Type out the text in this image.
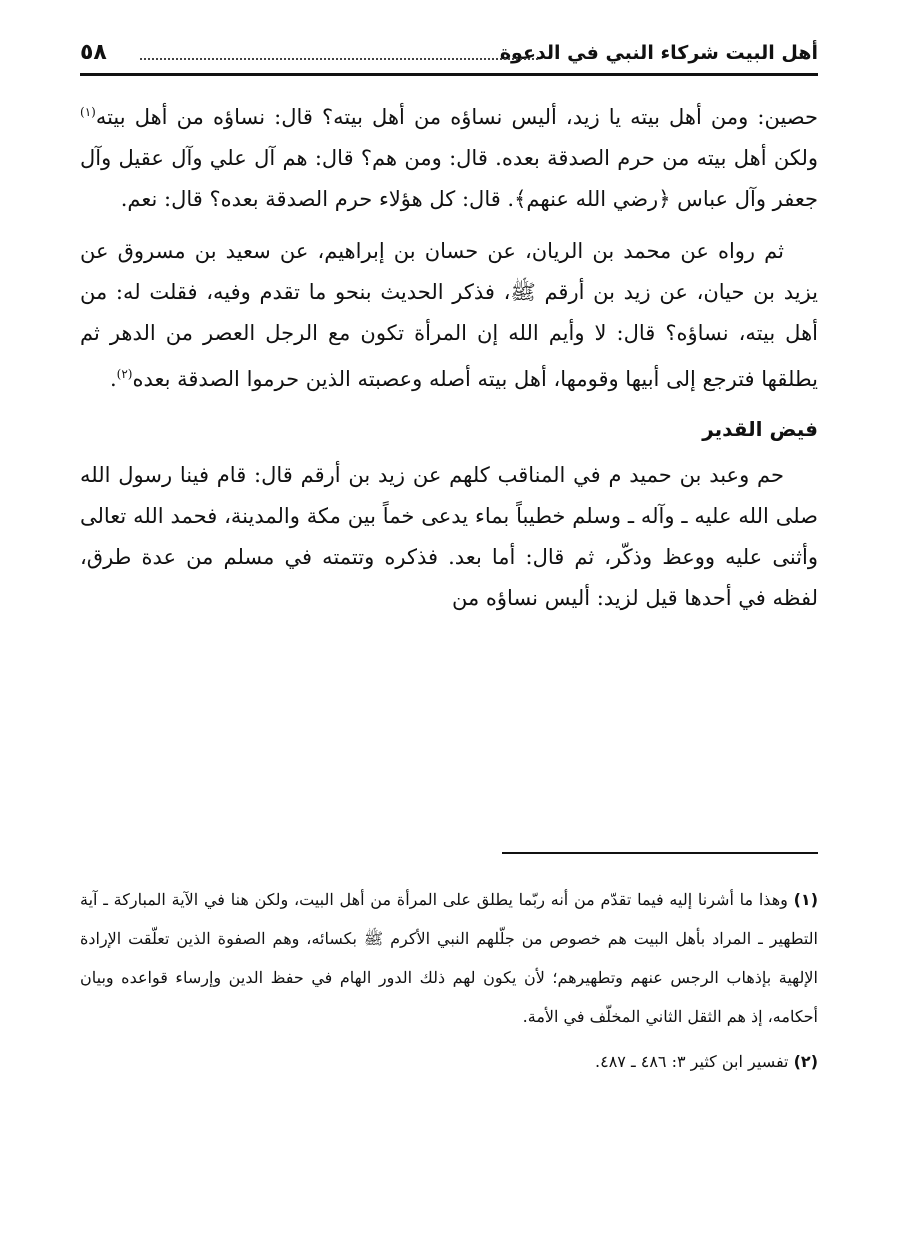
أهل البيت شركاء النبي في الدعوة
٥٨

حصين: ومن أهل بيته يا زيد، أليس نساؤه من أهل بيته؟ قال: نساؤه من أهل بيته$^{(١)}$ ولكن أهل بيته من حرم الصدقة بعده. قال: ومن هم؟ قال: هم آل علي وآل عقيل وآل جعفر وآل عباس ﴿رضي الله عنهم﴾. قال: كل هؤلاء حرم الصدقة بعده؟ قال: نعم.

ثم رواه عن محمد بن الريان، عن حسان بن إبراهيم، عن سعيد بن مسروق عن يزيد بن حيان، عن زيد بن أرقم ﷺ، فذكر الحديث بنحو ما تقدم وفيه، فقلت له: من أهل بيته، نساؤه؟ قال: لا وأيم الله إن المرأة تكون مع الرجل العصر من الدهر ثم يطلقها فترجع إلى أبيها وقومها، أهل بيته أصله وعصبته الذين حرموا الصدقة بعده$^{(٢)}$.

فيض القدير

حم وعبد بن حميد م في المناقب كلهم عن زيد بن أرقم قال: قام فينا رسول الله صلى الله عليه ـ وآله ـ وسلم خطيباً بماء يدعى خماً بين مكة والمدينة، فحمد الله تعالى وأثنى عليه ووعظ وذكّر، ثم قال: أما بعد. فذكره وتتمته في مسلم من عدة طرق، لفظه في أحدها قيل لزيد: أليس نساؤه من

(١) وهذا ما أشرنا إليه فيما تقدّم من أنه ربّما يطلق على المرأة من أهل البيت، ولكن هنا في الآية المباركة ـ آية التطهير ـ المراد بأهل البيت هم خصوص من جلّلهم النبي الأكرم ﷺ بكسائه، وهم الصفوة الذين تعلّقت الإرادة الإلهية بإذهاب الرجس عنهم وتطهيرهم؛ لأن يكون لهم ذلك الدور الهام في حفظ الدين وإرساء قواعده وبيان أحكامه، إذ هم الثقل الثاني المخلّف في الأمة.

(٢) تفسير ابن كثير ٣: ٤٨٦ ـ ٤٨٧.
